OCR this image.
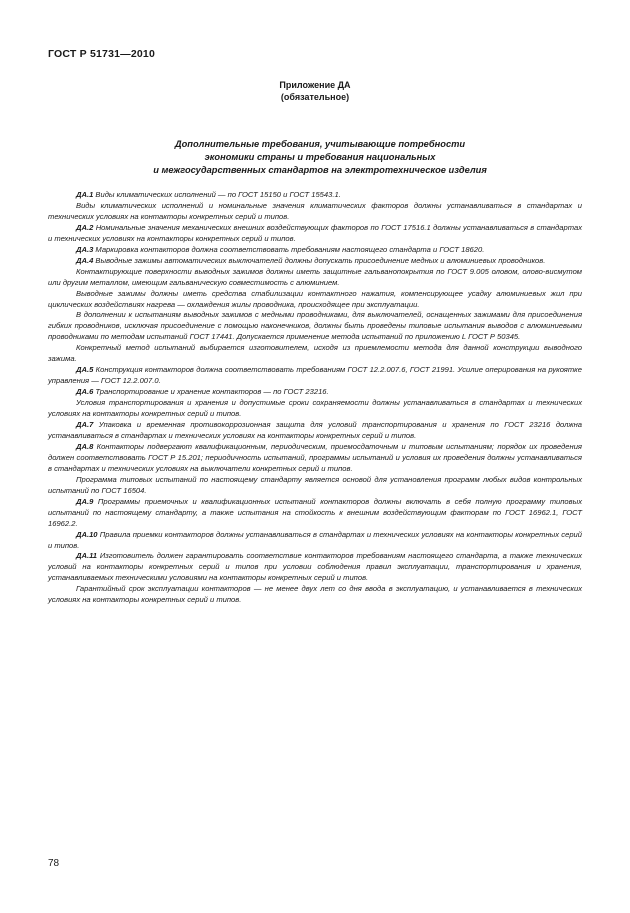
ГОСТ Р 51731—2010
Приложение ДА
(обязательное)
Дополнительные требования, учитывающие потребности
экономики страны и требования национальных
и межгосударственных стандартов на электротехническое изделия

ДА.1 Виды климатических исполнений — по ГОСТ 15150 и ГОСТ 15543.1.

Виды климатических исполнений и номинальные значения климатических факторов должны устанавливаться в стандартах и технических условиях на контакторы конкретных серий и типов.

ДА.2 Номинальные значения механических внешних воздействующих факторов по ГОСТ 17516.1 должны устанавливаться в стандартах и технических условиях на контакторы конкретных серий и типов.

ДА.3 Маркировка контакторов должна соответствовать требованиям настоящего стандарта и ГОСТ 18620.

ДА.4 Выводные зажимы автоматических выключателей должны допускать присоединение медных и алюминиевых проводников.

Контактирующие поверхности выводных зажимов должны иметь защитные гальванопокрытия по ГОСТ 9.005 оловом, олово-висмутом или другим металлом, имеющим гальваническую совместимость с алюминием.

Выводные зажимы должны иметь средства стабилизации контактного нажатия, компенсирующее усадку алюминиевых жил при циклических воздействиях нагрева — охлаждения жилы проводника, происходящее при эксплуатации.

В дополнении к испытаниям выводных зажимов с медными проводниками, для выключателей, оснащенных зажимами для присоединения гибких проводников, исключая присоединение с помощью наконечников, должны быть проведены типовые испытания выводов с алюминиевыми проводниками по методам испытаний ГОСТ 17441. Допускается применение метода испытаний по приложению L ГОСТ Р 50345.

Конкретный метод испытаний выбирается изготовителем, исходя из приемлемости метода для данной конструкции выводного зажима.

ДА.5 Конструкция контакторов должна соответствовать требованиям ГОСТ 12.2.007.6, ГОСТ 21991. Усилие оперирования на рукоятке управления — ГОСТ 12.2.007.0.

ДА.6 Транспортирование и хранение контакторов — по ГОСТ 23216.

Условия транспортирования и хранения и допустимые сроки сохраняемости должны устанавливаться в стандартах и технических условиях на контакторы конкретных серий и типов.

ДА.7 Упаковка и временная противокоррозионная защита для условий транспортирования и хранения по ГОСТ 23216 должна устанавливаться в стандартах и технических условиях на контакторы конкретных серий и типов.

ДА.8 Контакторы подвергают квалификационным, периодическим, приемосдаточным и типовым испытаниям; порядок их проведения должен соответствовать ГОСТ Р 15.201; периодичность испытаний, программы испытаний и условия их проведения должны устанавливаться в стандартах и технических условиях на выключатели конкретных серий и типов.

Программа типовых испытаний по настоящему стандарту является основой для установления программ любых видов контрольных испытаний по ГОСТ 16504.

ДА.9 Программы приемочных и квалификационных испытаний контакторов должны включать в себя полную программу типовых испытаний по настоящему стандарту, а также испытания на стойкость к внешним воздействующим факторам по ГОСТ 16962.1, ГОСТ 16962.2.

ДА.10 Правила приемки контакторов должны устанавливаться в стандартах и технических условиях на контакторы конкретных серий и типов.

ДА.11 Изготовитель должен гарантировать соответствие контакторов требованиям настоящего стандарта, а также технических условий на контакторы конкретных серий и типов при условии соблюдения правил эксплуатации, транспортирования и хранения, устанавливаемых техническими условиями на контакторы конкретных серий и типов.

Гарантийный срок эксплуатации контакторов — не менее двух лет со дня ввода в эксплуатацию, и устанавливается в технических условиях на контакторы конкретных серий и типов.

78
